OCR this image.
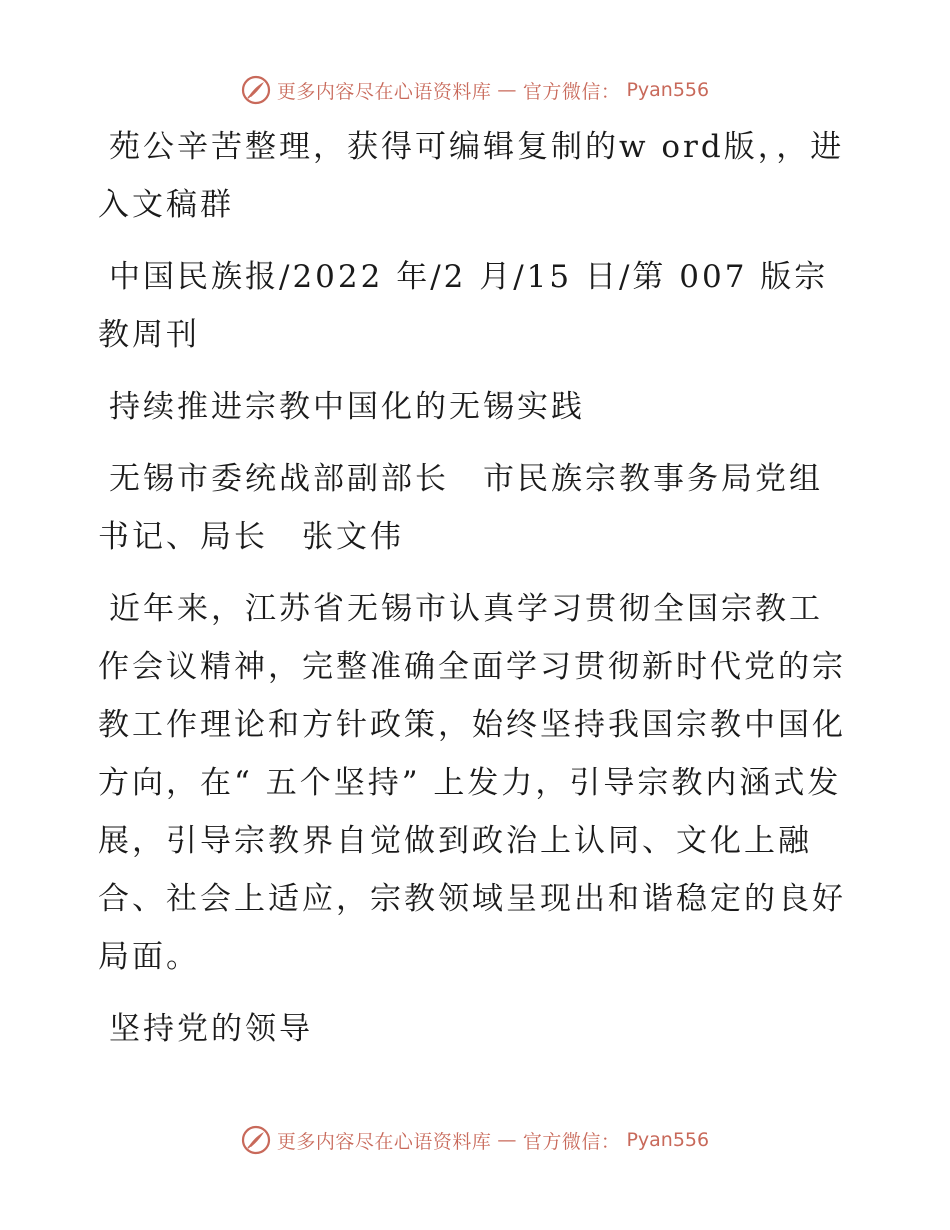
更多内容尽在心语资料库 — 官方微信： Pyan556

苑公辛苦整理，获得可编辑复制的w ord版，，进入文稿群

中国民族报/2022 年/2 月/15 日/第 007 版宗教周刊

持续推进宗教中国化的无锡实践

无锡市委统战部副部长　市民族宗教事务局党组书记、局长　张文伟

近年来，江苏省无锡市认真学习贯彻全国宗教工作会议精神，完整准确全面学习贯彻新时代党的宗教工作理论和方针政策，始终坚持我国宗教中国化方向，在“ 五个坚持” 上发力，引导宗教内涵式发展，引导宗教界自觉做到政治上认同、文化上融合、社会上适应，宗教领域呈现出和谐稳定的良好局面。

坚持党的领导

更多内容尽在心语资料库 — 官方微信： Pyan556
